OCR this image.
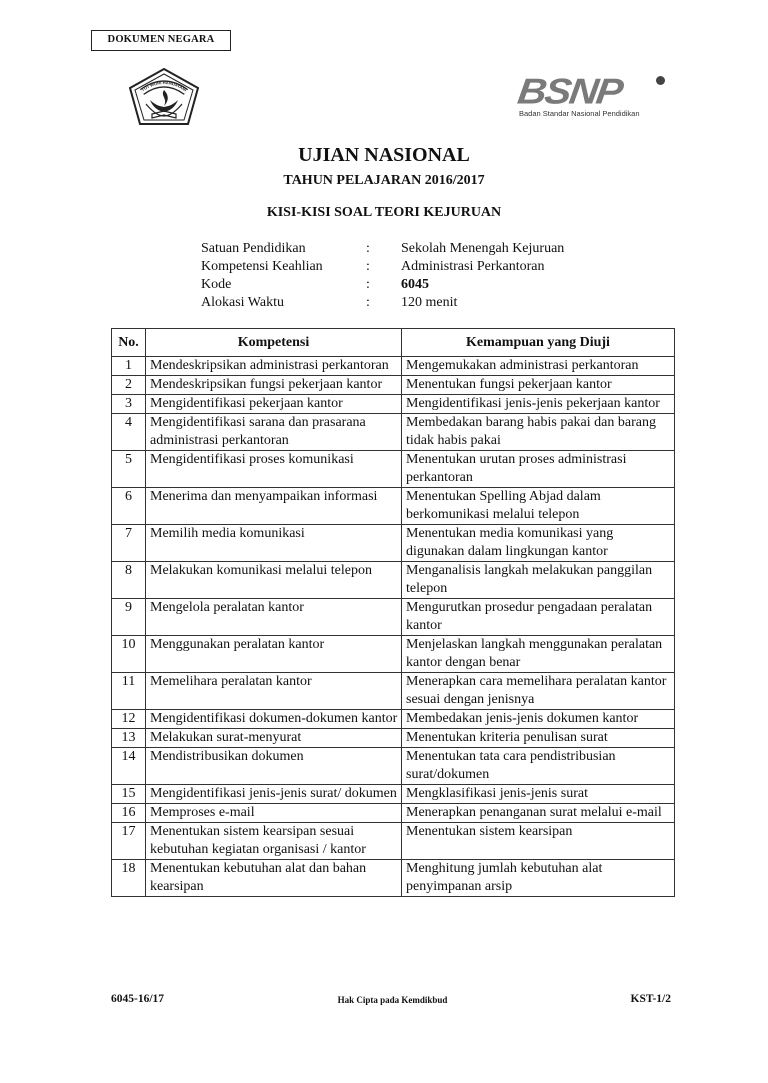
DOKUMEN NEGARA
TUT WURI HANDAYANI	BSNP
Badan Standar Nasional Pendidikan
UJIAN NASIONAL
TAHUN PELAJARAN 2016/2017
KISI-KISI SOAL TEORI KEJURUAN
Satuan Pendidikan	: Sekolah Menengah Kejuruan
Kompetensi Keahlian	: Administrasi Perkantoran
Kode	: 6045
Alokasi Waktu	: 120 menit
No.	Kompetensi	Kemampuan yang Diuji
1	Mendeskripsikan administrasi perkantoran	Mengemukakan administrasi perkantoran
2	Mendeskripsikan fungsi pekerjaan kantor	Menentukan fungsi pekerjaan kantor
3	Mengidentifikasi pekerjaan kantor	Mengidentifikasi jenis-jenis pekerjaan kantor
4	Mengidentifikasi sarana dan prasarana administrasi perkantoran	Membedakan barang habis pakai dan barang tidak habis pakai
5	Mengidentifikasi proses komunikasi	Menentukan urutan proses administrasi perkantoran
6	Menerima dan menyampaikan informasi	Menentukan Spelling Abjad dalam berkomunikasi melalui telepon
7	Memilih media komunikasi	Menentukan media komunikasi yang digunakan dalam lingkungan kantor
8	Melakukan komunikasi melalui telepon	Menganalisis langkah melakukan panggilan telepon
9	Mengelola peralatan kantor	Mengurutkan prosedur pengadaan peralatan kantor
10	Menggunakan peralatan kantor	Menjelaskan langkah menggunakan peralatan kantor dengan benar
11	Memelihara peralatan kantor	Menerapkan cara memelihara peralatan kantor sesuai dengan jenisnya
12	Mengidentifikasi dokumen-dokumen kantor	Membedakan jenis-jenis dokumen kantor
13	Melakukan surat-menyurat	Menentukan kriteria penulisan surat
14	Mendistribusikan dokumen	Menentukan tata cara pendistribusian surat/dokumen
15	Mengidentifikasi jenis-jenis surat/ dokumen	Mengklasifikasi jenis-jenis surat
16	Memproses e-mail	Menerapkan penanganan surat melalui e-mail
17	Menentukan sistem kearsipan sesuai kebutuhan kegiatan organisasi / kantor	Menentukan sistem kearsipan
18	Menentukan kebutuhan alat dan bahan kearsipan	Menghitung jumlah kebutuhan alat penyimpanan arsip
6045-16/17	Hak Cipta pada Kemdikbud	KST-1/2
